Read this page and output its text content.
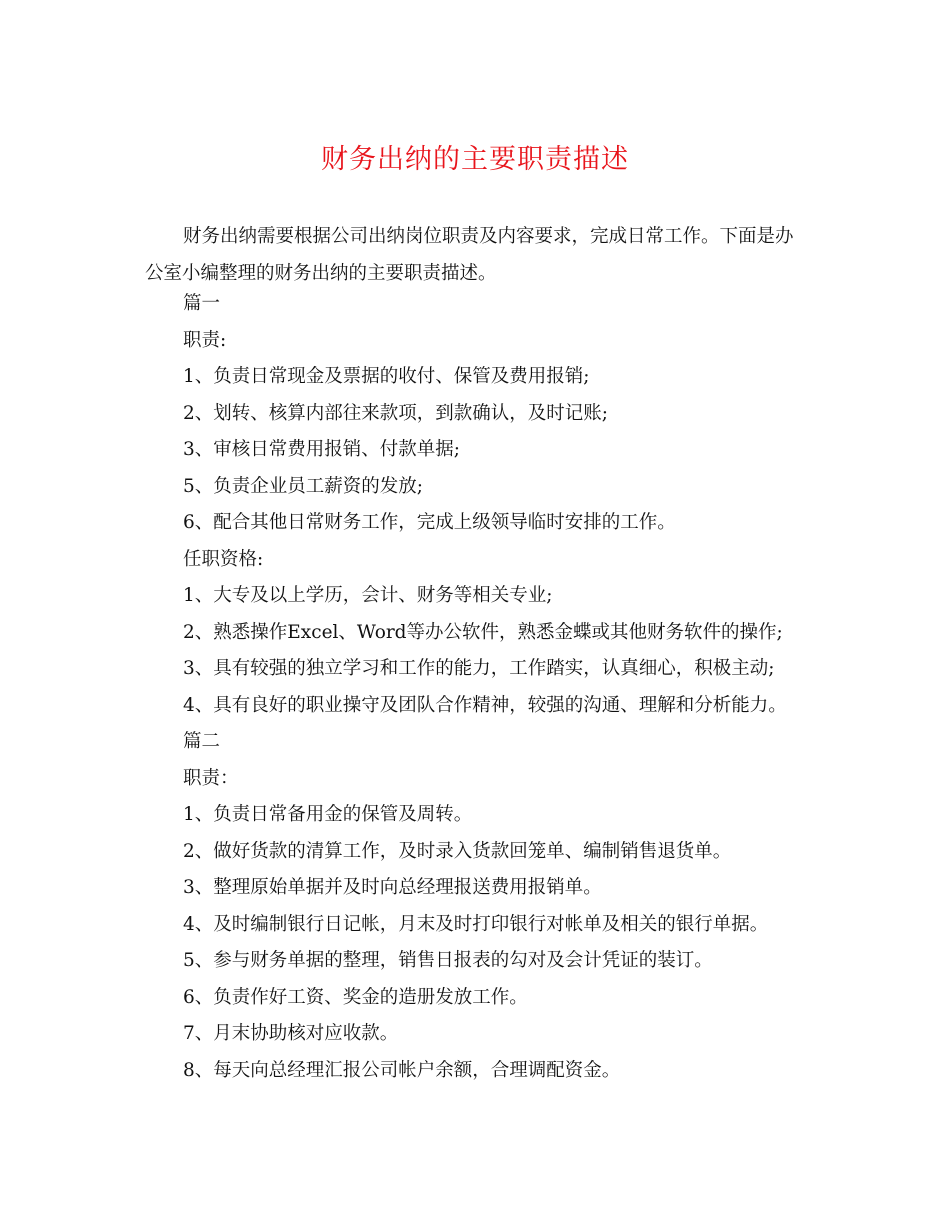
财务出纳的主要职责描述

财务出纳需要根据公司出纳岗位职责及内容要求，完成日常工作。下面是办公室小编整理的财务出纳的主要职责描述。

篇一
职责:
1、负责日常现金及票据的收付、保管及费用报销;
2、划转、核算内部往来款项，到款确认，及时记账;
3、审核日常费用报销、付款单据;
5、负责企业员工薪资的发放;
6、配合其他日常财务工作，完成上级领导临时安排的工作。
任职资格:
1、大专及以上学历，会计、财务等相关专业;
2、熟悉操作Excel、Word等办公软件，熟悉金蝶或其他财务软件的操作;
3、具有较强的独立学习和工作的能力，工作踏实，认真细心，积极主动;
4、具有良好的职业操守及团队合作精神，较强的沟通、理解和分析能力。
篇二
职责：
1、负责日常备用金的保管及周转。
2、做好货款的清算工作，及时录入货款回笼单、编制销售退货单。
3、整理原始单据并及时向总经理报送费用报销单。
4、及时编制银行日记帐，月末及时打印银行对帐单及相关的银行单据。
5、参与财务单据的整理，销售日报表的勾对及会计凭证的装订。
6、负责作好工资、奖金的造册发放工作。
7、月末协助核对应收款。
8、每天向总经理汇报公司帐户余额，合理调配资金。
